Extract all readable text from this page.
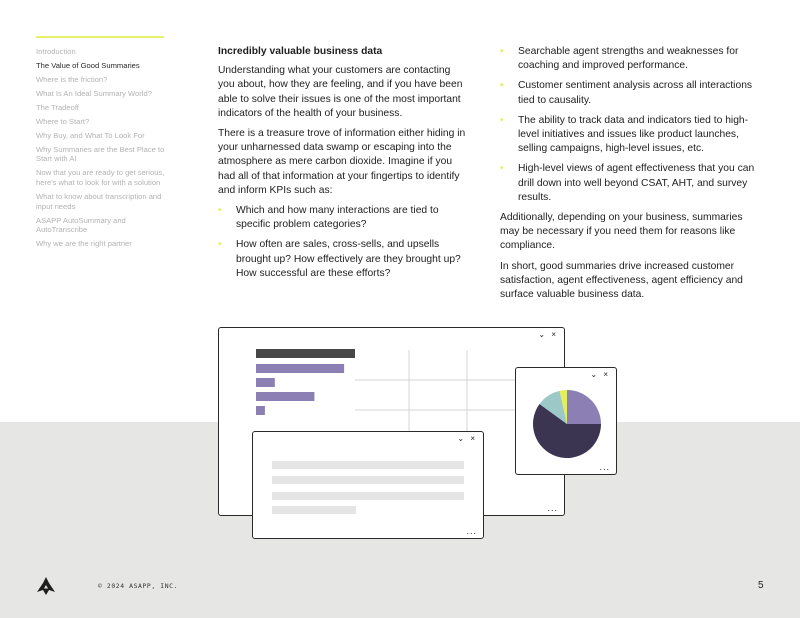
Introduction
The Value of Good Summaries
Where is the friction?
What Is An Ideal Summary World?
The Tradeoff
Where to Start?
Why Buy, and What To Look For
Why Summaries are the Best Place to Start with AI
Now that you are ready to get serious, here's what to look for with a solution
What to know about transcription and input needs
ASAPP AutoSummary and AutoTranscribe
Why we are the right partner
Incredibly valuable business data

Understanding what your customers are contacting you about, how they are feeling, and if you have been able to solve their issues is one of the most important indicators of the health of your business.

There is a treasure trove of information either hiding in your unharnessed data swamp or escaping into the atmosphere as mere carbon dioxide. Imagine if you had all of that information at your fingertips to identify and inform KPIs such as:

• Which and how many interactions are tied to specific problem categories?
• How often are sales, cross-sells, and upsells brought up? How effectively are they brought up? How successful are these efforts?
• Searchable agent strengths and weaknesses for coaching and improved performance.
• Customer sentiment analysis across all interactions tied to causality.
• The ability to track data and indicators tied to high-level initiatives and issues like product launches, selling campaigns, high-level issues, etc.
• High-level views of agent effectiveness that you can drill down into well beyond CSAT, AHT, and survey results.

Additionally, depending on your business, summaries may be necessary if you need them for reasons like compliance.

In short, good summaries drive increased customer satisfaction, agent effectiveness, agent efficiency and surface valuable business data.

⌄ ×
...
⌄ ×
...
⌄ ×
...
© 2024 ASAPP, INC.	5
